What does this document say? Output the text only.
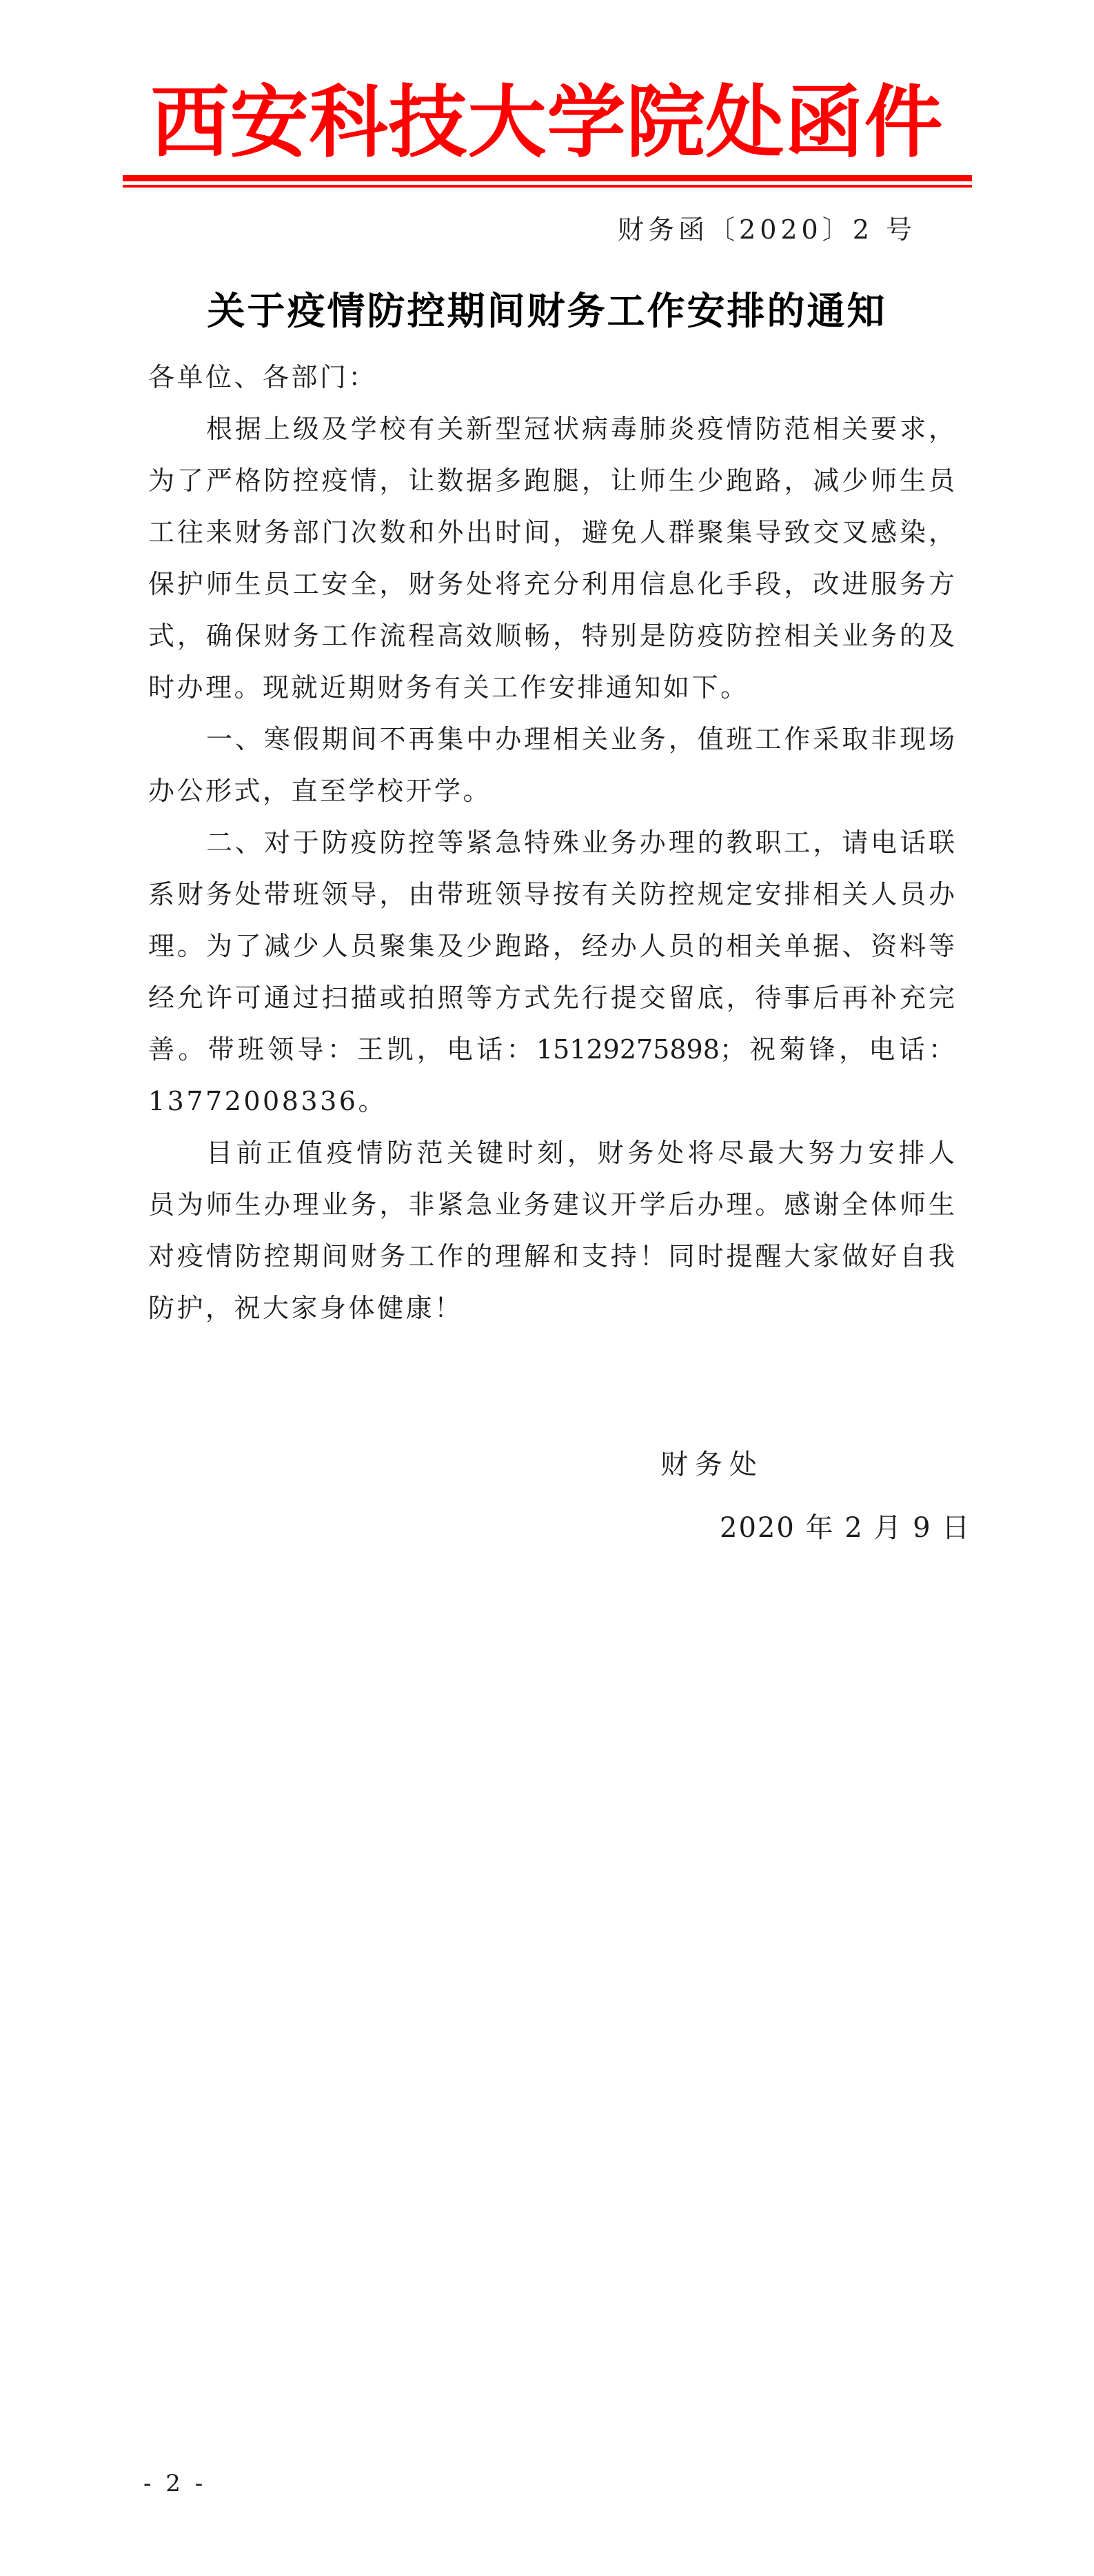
西安科技大学院处函件
财务函〔2020〕2 号
关于疫情防控期间财务工作安排的通知
各单位、各部门：
根据上级及学校有关新型冠状病毒肺炎疫情防范相关要求，
为了严格防控疫情，让数据多跑腿，让师生少跑路，减少师生员
工往来财务部门次数和外出时间，避免人群聚集导致交叉感染，
保护师生员工安全，财务处将充分利用信息化手段，改进服务方
式，确保财务工作流程高效顺畅，特别是防疫防控相关业务的及
时办理。现就近期财务有关工作安排通知如下。
一、寒假期间不再集中办理相关业务，值班工作采取非现场
办公形式，直至学校开学。
二、对于防疫防控等紧急特殊业务办理的教职工，请电话联
系财务处带班领导，由带班领导按有关防控规定安排相关人员办
理。为了减少人员聚集及少跑路，经办人员的相关单据、资料等
经允许可通过扫描或拍照等方式先行提交留底，待事后再补充完
善。带班领导：王凯，电话：15129275898；祝菊锋，电话：
13772008336。
目前正值疫情防范关键时刻，财务处将尽最大努力安排人
员为师生办理业务，非紧急业务建议开学后办理。感谢全体师生
对疫情防控期间财务工作的理解和支持！同时提醒大家做好自我
防护，祝大家身体健康！
财务处
2020 年 2 月 9 日
- 2 -
